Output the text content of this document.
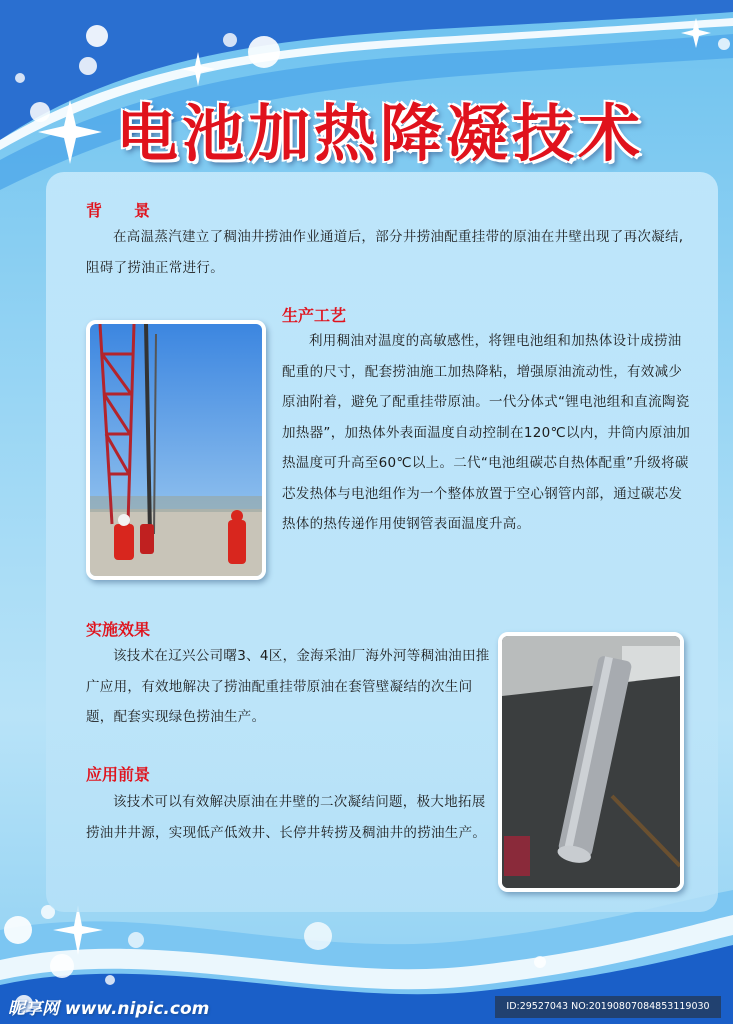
电池加热降凝技术
背　　景

在高温蒸汽建立了稠油井捞油作业通道后，部分井捞油配重挂带的原油在井壁出现了再次凝结,阻碍了捞油正常进行。

生产工艺

利用稠油对温度的高敏感性，将锂电池组和加热体设计成捞油配重的尺寸，配套捞油施工加热降粘，增强原油流动性，有效减少原油附着，避免了配重挂带原油。一代分体式“锂电池组和直流陶瓷加热器”，加热体外表面温度自动控制在120℃以内，井筒内原油加热温度可升高至60℃以上。二代“电池组碳芯自热体配重”升级将碳芯发热体与电池组作为一个整体放置于空心钢管内部，通过碳芯发热体的热传递作用使钢管表面温度升高。

实施效果

该技术在辽兴公司曙3、4区，金海采油厂海外河等稠油油田推广应用，有效地解决了捞油配重挂带原油在套管壁凝结的次生问题，配套实现绿色捞油生产。

应用前景

该技术可以有效解决原油在井壁的二次凝结问题，极大地拓展捞油井井源，实现低产低效井、长停井转捞及稠油井的捞油生产。

昵享网 www.nipic.com	ID:29527043 NO:20190807084853119030
